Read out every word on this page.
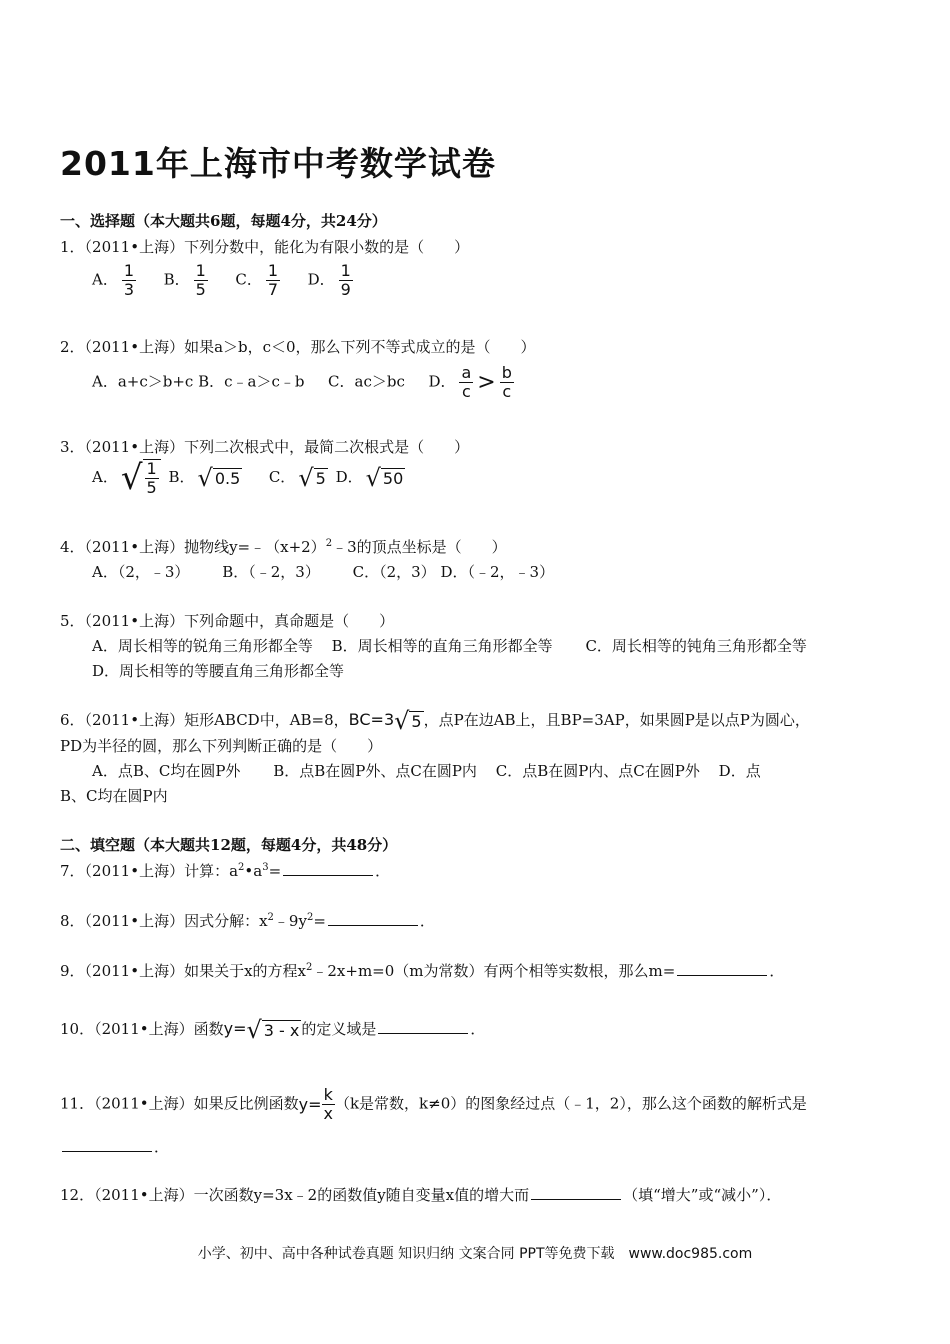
2011年上海市中考数学试卷
一、选择题（本大题共6题，每题4分，共24分）
1．（2011•上海）下列分数中，能化为有限小数的是（　　）
A． $\frac{1}{3}$ B． $\frac{1}{5}$ C． $\frac{1}{7}$ D． $\frac{1}{9}$
2．（2011•上海）如果a＞b，c＜0，那么下列不等式成立的是（　　）
A．a+c＞b+c B．c﹣a＞c﹣b C．ac＞bc D． $\frac{a}{c} > \frac{b}{c}$
3．（2011•上海）下列二次根式中，最简二次根式是（　　）
A．√ $\frac{1}{5}$ B． √ 0.5 C． √ 5 D． √ 50
4．（2011•上海）抛物线$y=﹣(x+2)^2﹣3$的顶点坐标是（　　）
A．（2，﹣3） B．（﹣2，3） C．（2，3） D．（﹣2，﹣3）
5．（2011•上海）下列命题中，真命题是（　　）
A．周长相等的锐角三角形都全等 B．周长相等的直角三角形都全等 C．周长相等的钝角三角形都全等
D．周长相等的等腰直角三角形都全等
6．（2011•上海）矩形ABCD中，AB=8，BC=3√ 5 ，点P在边AB上，且BP=3AP，如果圆P是以点P为圆心，
PD为半径的圆，那么下列判断正确的是（　　）
A．点B、C均在圆P外 B．点B在圆P外、点C在圆P内 C．点B在圆P内、点C在圆P外 D．点
B、C均在圆P内
二、填空题（本大题共12题，每题4分，共48分）
7．（2011•上海）计算：$a^2•a^3=$	．
8．（2011•上海）因式分解：$x^2﹣9y^2=$	．
9．（2011•上海）如果关于x的方程$x^2﹣2x+m=0(m$为常数）有两个相等实数根，那么m=	．
10．（2011•上海）函数y=√ 3 - x 的定义域是	．
11．（2011•上海）如果反比例函数$y= \frac{k}{x} (k$是常数，k≠0）的图象经过点（﹣1，2），那么这个函数的解析式是
．
12．（2011•上海）一次函数y=3x﹣2的函数值y随自变量x值的增大而	（填“增大”或“减小”）．
小学、初中、高中各种试卷真题 知识归纳 文案合同 PPT等免费下载　www.doc985.com
